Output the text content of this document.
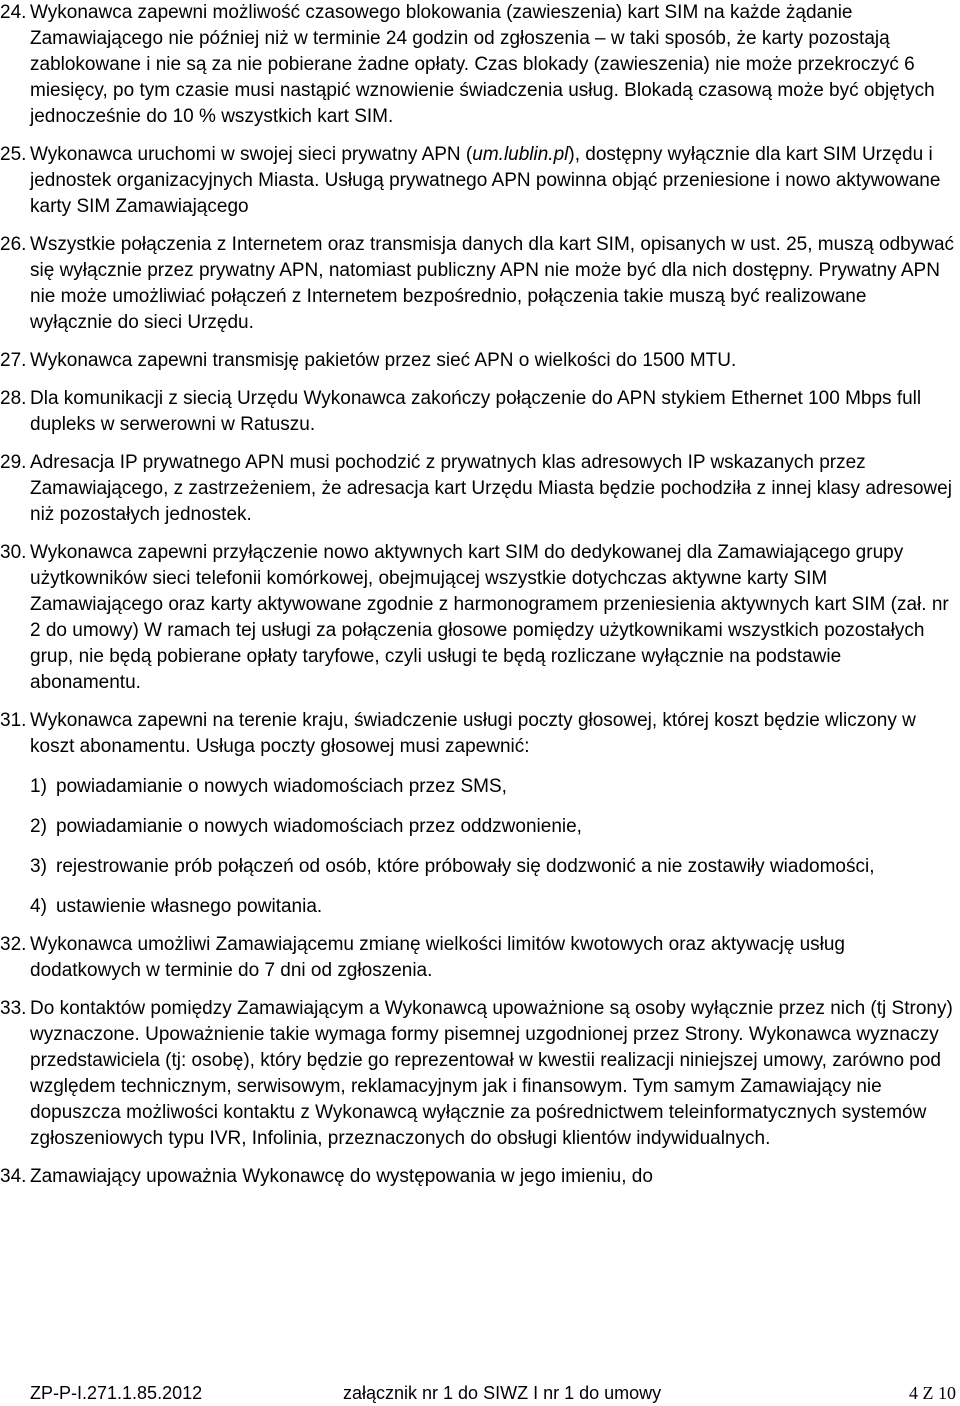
24. Wykonawca zapewni możliwość czasowego blokowania (zawieszenia) kart SIM na każde żądanie Zamawiającego nie później niż w terminie 24 godzin od zgłoszenia – w taki sposób, że karty pozostają zablokowane i nie są za nie pobierane żadne opłaty. Czas blokady (zawieszenia) nie może przekroczyć 6 miesięcy, po tym czasie musi nastąpić wznowienie świadczenia usług. Blokadą czasową może być objętych jednocześnie do 10 % wszystkich kart SIM.
25. Wykonawca uruchomi w swojej sieci prywatny APN (um.lublin.pl), dostępny wyłącznie dla kart SIM Urzędu i jednostek organizacyjnych Miasta. Usługą prywatnego APN powinna objąć przeniesione i nowo aktywowane karty SIM Zamawiającego
26. Wszystkie połączenia z Internetem oraz transmisja danych dla kart SIM, opisanych w ust. 25, muszą odbywać się wyłącznie przez prywatny APN, natomiast publiczny APN nie może być dla nich dostępny. Prywatny APN nie może umożliwiać połączeń z Internetem bezpośrednio, połączenia takie muszą być realizowane wyłącznie do sieci Urzędu.
27. Wykonawca zapewni transmisję pakietów przez sieć APN o wielkości do 1500 MTU.
28. Dla komunikacji z siecią Urzędu Wykonawca zakończy połączenie do APN stykiem Ethernet 100 Mbps full dupleks w serwerowni w Ratuszu.
29. Adresacja IP prywatnego APN musi pochodzić z prywatnych klas adresowych IP wskazanych przez Zamawiającego, z zastrzeżeniem, że adresacja kart Urzędu Miasta będzie pochodziła z innej klasy adresowej niż pozostałych jednostek.
30. Wykonawca zapewni przyłączenie nowo aktywnych kart SIM do dedykowanej dla Zamawiającego grupy użytkowników sieci telefonii komórkowej, obejmującej wszystkie dotychczas aktywne karty SIM Zamawiającego oraz karty aktywowane zgodnie z harmonogramem przeniesienia aktywnych kart SIM (zał. nr 2 do umowy) W ramach tej usługi za połączenia głosowe pomiędzy użytkownikami wszystkich pozostałych grup, nie będą pobierane opłaty taryfowe, czyli usługi te będą rozliczane wyłącznie na podstawie abonamentu.
31. Wykonawca zapewni na terenie kraju, świadczenie usługi poczty głosowej, której koszt będzie wliczony w koszt abonamentu. Usługa poczty głosowej musi zapewnić:
1) powiadamianie o nowych wiadomościach przez SMS,
2) powiadamianie o nowych wiadomościach przez oddzwonienie,
3) rejestrowanie prób połączeń od osób, które próbowały się dodzwonić a nie zostawiły wiadomości,
4) ustawienie własnego powitania.
32. Wykonawca umożliwi Zamawiającemu zmianę wielkości limitów kwotowych oraz aktywację usług dodatkowych w terminie do 7 dni od zgłoszenia.
33. Do kontaktów pomiędzy Zamawiającym a Wykonawcą upoważnione są osoby wyłącznie przez nich (tj Strony) wyznaczone. Upoważnienie takie wymaga formy pisemnej uzgodnionej przez Strony. Wykonawca wyznaczy przedstawiciela (tj: osobę), który będzie go reprezentował w kwestii realizacji niniejszej umowy, zarówno pod względem technicznym, serwisowym, reklamacyjnym jak i finansowym. Tym samym Zamawiający nie dopuszcza możliwości kontaktu z Wykonawcą wyłącznie za pośrednictwem teleinformatycznych systemów zgłoszeniowych typu IVR, Infolinia, przeznaczonych do obsługi klientów indywidualnych.
34. Zamawiający upoważnia Wykonawcę do występowania w jego imieniu, do
ZP-P-I.271.1.85.2012	załącznik nr 1 do SIWZ I nr 1 do umowy	4 Z 10
